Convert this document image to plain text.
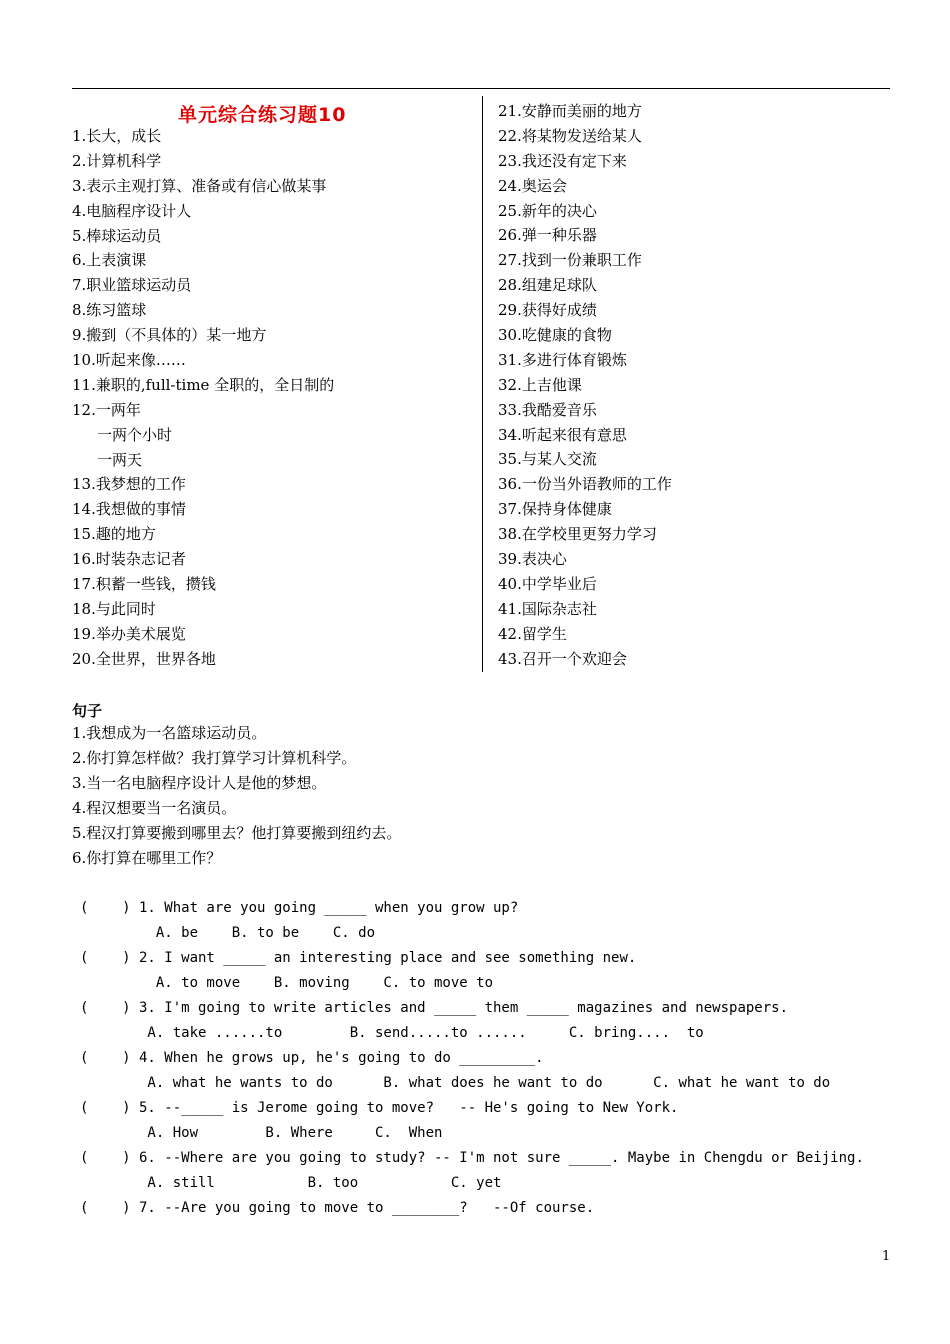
单元综合练习题10
1.长大，成长
2.计算机科学
3.表示主观打算、准备或有信心做某事
4.电脑程序设计人
5.棒球运动员
6.上表演课
7.职业篮球运动员
8.练习篮球
9.搬到（不具体的）某一地方
10.听起来像……
11.兼职的,full-time 全职的，全日制的
12.一两年
一两个小时
一两天
13.我梦想的工作
14.我想做的事情
15.趣的地方
16.时装杂志记者
17.积蓄一些钱，攒钱
18.与此同时
19.举办美术展览
20.全世界，世界各地
21.安静而美丽的地方
22.将某物发送给某人
23.我还没有定下来
24.奥运会
25.新年的决心
26.弹一种乐器
27.找到一份兼职工作
28.组建足球队
29.获得好成绩
30.吃健康的食物
31.多进行体育锻炼
32.上吉他课
33.我酷爱音乐
34.听起来很有意思
35.与某人交流
36.一份当外语教师的工作
37.保持身体健康
38.在学校里更努力学习
39.表决心
40.中学毕业后
41.国际杂志社
42.留学生
43.召开一个欢迎会
句子
1.我想成为一名篮球运动员。
2.你打算怎样做？我打算学习计算机科学。
3.当一名电脑程序设计人是他的梦想。
4.程汉想要当一名演员。
5.程汉打算要搬到哪里去？他打算要搬到纽约去。
6.你打算在哪里工作？
(    ) 1. What are you going _____ when you grow up?
A. be    B. to be    C. do
(    ) 2. I want _____ an interesting place and see something new.
A. to move    B. moving    C. to move to
(    ) 3. I'm going to write articles and _____ them _____ magazines and newspapers.
A. take ......to        B. send.....to ......     C. bring....  to
(    ) 4. When he grows up, he's going to do _________.
A. what he wants to do      B. what does he want to do      C. what he want to do
(    ) 5. --_____ is Jerome going to move?   -- He's going to New York.
A. How        B. Where     C.  When
(    ) 6. --Where are you going to study? -- I'm not sure _____. Maybe in Chengdu or Beijing.
A. still           B. too           C. yet
(    ) 7. --Are you going to move to ________?   --Of course.
1
